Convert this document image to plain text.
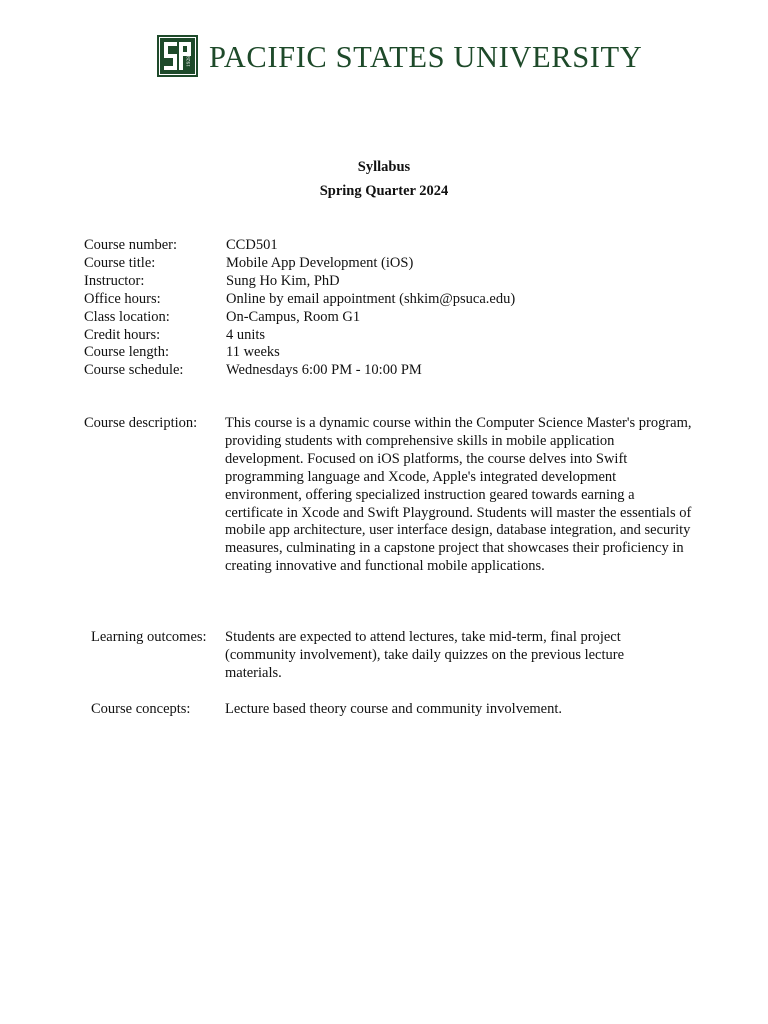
1928 PACIFIC STATES UNIVERSITY
Syllabus
Spring Quarter 2024
Course number:	CCD501
Course title:	Mobile App Development (iOS)
Instructor:	Sung Ho Kim, PhD
Office hours:	Online by email appointment (shkim@psuca.edu)
Class location:	On-Campus, Room G1
Credit hours:	4 units
Course length:	11 weeks
Course schedule:	Wednesdays 6:00 PM - 10:00 PM
Course description:	This course is a dynamic course within the Computer Science Master's program, providing students with comprehensive skills in mobile application development. Focused on iOS platforms, the course delves into Swift programming language and Xcode, Apple's integrated development environment, offering specialized instruction geared towards earning a certificate in Xcode and Swift Playground. Students will master the essentials of mobile app architecture, user interface design, database integration, and security measures, culminating in a capstone project that showcases their proficiency in creating innovative and functional mobile applications.
Learning outcomes:	Students are expected to attend lectures, take mid-term, final project (community involvement), take daily quizzes on the previous lecture materials.
Course concepts:	Lecture based theory course and community involvement.
